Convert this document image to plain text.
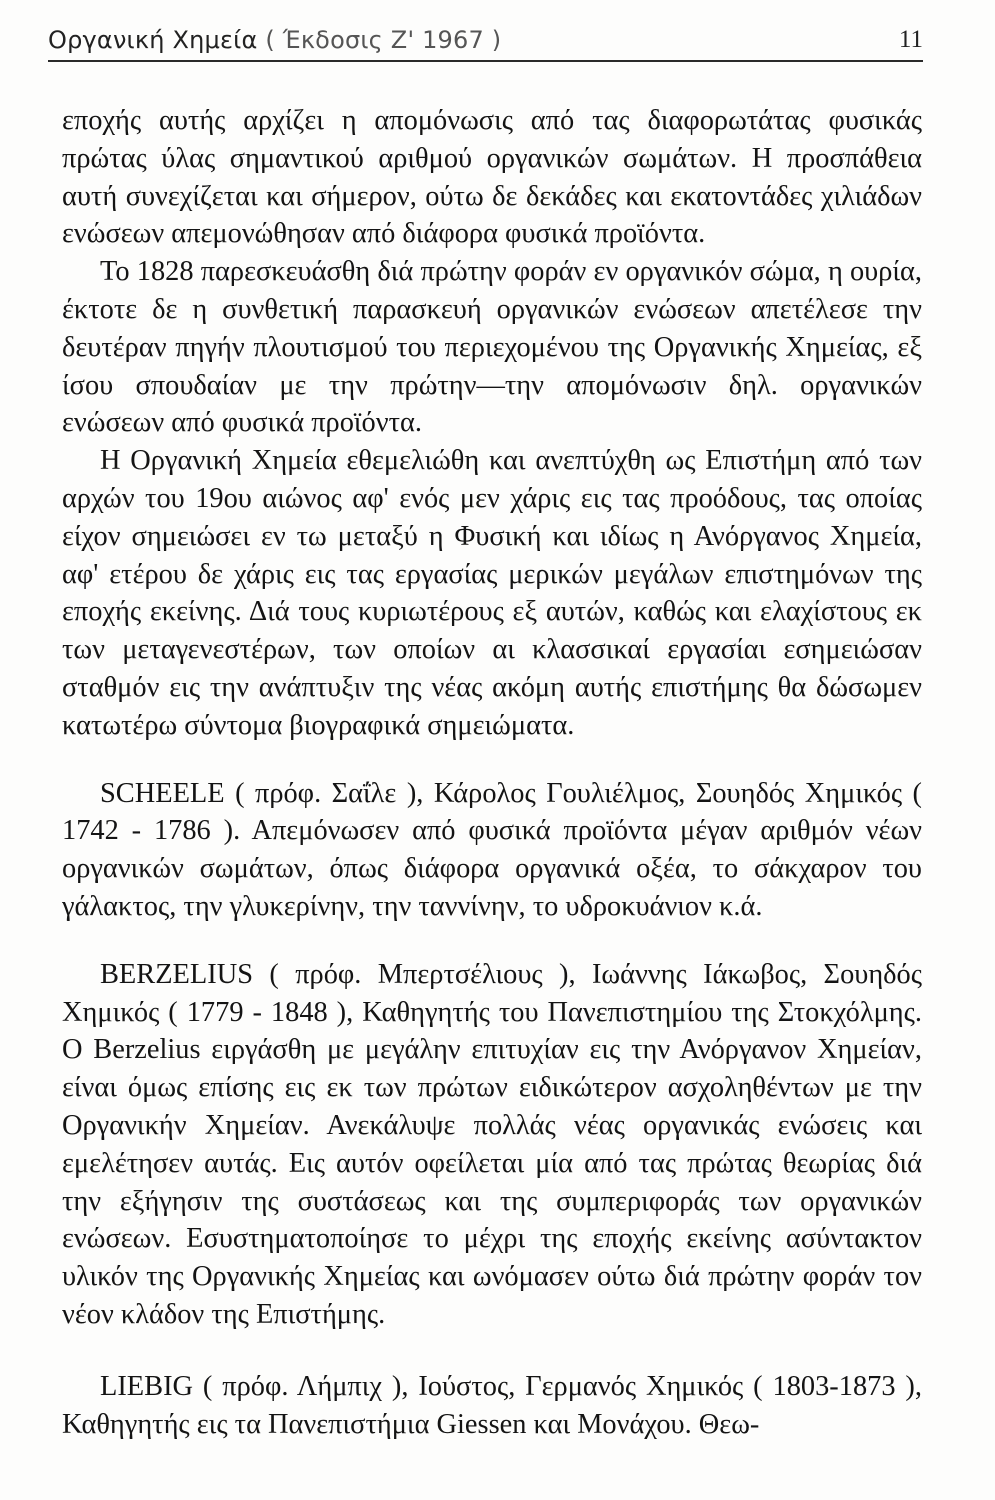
Οργανική Χημεία ( Έκδοσις Ζ' 1967 )	11

εποχής αυτής αρχίζει η απομόνωσις από τας διαφορωτάτας φυσικάς πρώτας ύλας σημαντικού αριθμού οργανικών σωμάτων. Η προσπάθεια αυτή συνεχίζεται και σήμερον, ούτω δε δεκάδες και εκατοντάδες χιλιάδων ενώσεων απεμονώθησαν από διάφορα φυσικά προϊόντα.

Το 1828 παρεσκευάσθη διά πρώτην φοράν εν οργανικόν σώμα, η ουρία, έκτοτε δε η συνθετική παρασκευή οργανικών ενώσεων απετέλεσε την δευτέραν πηγήν πλουτισμού του περιεχομένου της Οργανικής Χημείας, εξ ίσου σπουδαίαν με την πρώτην—την απομόνωσιν δηλ. οργανικών ενώσεων από φυσικά προϊόντα.

Η Οργανική Χημεία εθεμελιώθη και ανεπτύχθη ως Επιστήμη από των αρχών του 19ου αιώνος αφ' ενός μεν χάρις εις τας προόδους, τας οποίας είχον σημειώσει εν τω μεταξύ η Φυσική και ιδίως η Ανόργανος Χημεία, αφ' ετέρου δε χάρις εις τας εργασίας μερικών μεγάλων επιστημόνων της εποχής εκείνης. Διά τους κυριωτέρους εξ αυτών, καθώς και ελαχίστους εκ των μεταγενεστέρων, των οποίων αι κλασσικαί εργασίαι εσημειώσαν σταθμόν εις την ανάπτυξιν της νέας ακόμη αυτής επιστήμης θα δώσωμεν κατωτέρω σύντομα βιογραφικά σημειώματα.

SCHEELE ( πρόφ. Σαΐλε ), Κάρολος Γουλιέλμος, Σουηδός Χημικός ( 1742 - 1786 ). Απεμόνωσεν από φυσικά προϊόντα μέγαν αριθμόν νέων οργανικών σωμάτων, όπως διάφορα οργανικά οξέα, το σάκχαρον του γάλακτος, την γλυκερίνην, την ταννίνην, το υδροκυάνιον κ.ά.

BERZELIUS ( πρόφ. Μπερτσέλιους ), Ιωάννης Ιάκωβος, Σουηδός Χημικός ( 1779 - 1848 ), Καθηγητής του Πανεπιστημίου της Στοκχόλμης. Ο Berzelius ειργάσθη με μεγάλην επιτυχίαν εις την Ανόργανον Χημείαν, είναι όμως επίσης εις εκ των πρώτων ειδικώτερον ασχοληθέντων με την Οργανικήν Χημείαν. Ανεκάλυψε πολλάς νέας οργανικάς ενώσεις και εμελέτησεν αυτάς. Εις αυτόν οφείλεται μία από τας πρώτας θεωρίας διά την εξήγησιν της συστάσεως και της συμπεριφοράς των οργανικών ενώσεων. Εσυστηματοποίησε το μέχρι της εποχής εκείνης ασύντακτον υλικόν της Οργανικής Χημείας και ωνόμασεν ούτω διά πρώτην φοράν τον νέον κλάδον της Επιστήμης.

LIEBIG ( πρόφ. Λήμπιχ ), Ιούστος, Γερμανός Χημικός ( 1803-1873 ), Καθηγητής εις τα Πανεπιστήμια Giessen και Μονάχου. Θεω-
